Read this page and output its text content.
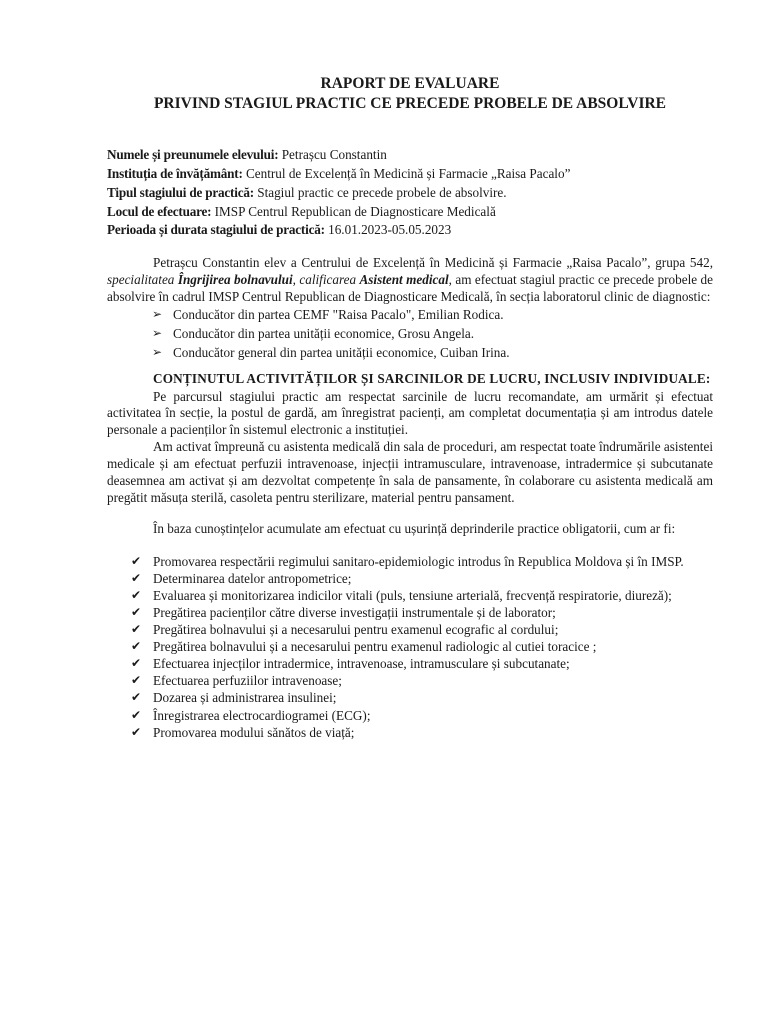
RAPORT DE EVALUARE
PRIVIND STAGIUL PRACTIC CE PRECEDE PROBELE DE ABSOLVIRE
Numele și preunumele elevului: Petrașcu Constantin
Instituția de învățământ: Centrul de Excelență în Medicină și Farmacie „Raisa Pacalo”
Tipul stagiului de practică: Stagiul practic ce precede probele de absolvire.
Locul de efectuare: IMSP Centrul Republican de Diagnosticare Medicală
Perioada și durata stagiului de practică: 16.01.2023-05.05.2023

Petrașcu Constantin elev a Centrului de Excelență în Medicină și Farmacie „Raisa Pacalo”, grupa 542, specialitatea Îngrijirea bolnavului, calificarea Asistent medical, am efectuat stagiul practic ce precede probele de absolvire în cadrul IMSP Centrul Republican de Diagnosticare Medicală, în secția laboratorul clinic de diagnostic:

➢ Conducător din partea CEMF "Raisa Pacalo", Emilian Rodica.
➢ Conducător din partea unității economice, Grosu Angela.
➢ Conducător general din partea unității economice, Cuiban Irina.

CONȚINUTUL ACTIVITĂȚILOR ȘI SARCINILOR DE LUCRU, INCLUSIV INDIVIDUALE:

Pe parcursul stagiului practic am respectat sarcinile de lucru recomandate, am urmărit și efectuat activitatea în secție, la postul de gardă, am înregistrat pacienți, am completat documentația și am introdus datele personale a pacienților în sistemul electronic a instituției.

Am activat împreună cu asistenta medicală din sala de proceduri, am respectat toate îndrumările asistentei medicale și am efectuat perfuzii intravenoase, injecții intramusculare, intravenoase, intradermice și subcutanate deasemnea am activat și am dezvoltat competențe în sala de pansamente, în colaborare cu asistenta medicală am pregătit măsuța sterilă, casoleta pentru sterilizare, material pentru pansament.

În baza cunoștințelor acumulate am efectuat cu ușurință deprinderile practice obligatorii, cum ar fi:

✔ Promovarea respectării regimului sanitaro-epidemiologic introdus în Republica Moldova și în IMSP.
✔ Determinarea datelor antropometrice;
✔ Evaluarea și monitorizarea indicilor vitali (puls, tensiune arterială, frecvență respiratorie, diureză);
✔ Pregătirea pacienților către diverse investigații instrumentale și de laborator;
✔ Pregătirea bolnavului și a necesarului pentru examenul ecografic al cordului;
✔ Pregătirea bolnavului și a necesarului pentru examenul radiologic al cutiei toracice ;
✔ Efectuarea injecților intradermice, intravenoase, intramusculare și subcutanate;
✔ Efectuarea perfuziilor intravenoase;
✔ Dozarea și administrarea insulinei;
✔ Înregistrarea electrocardiogramei (ECG);
✔ Promovarea modului sănătos de viață;
